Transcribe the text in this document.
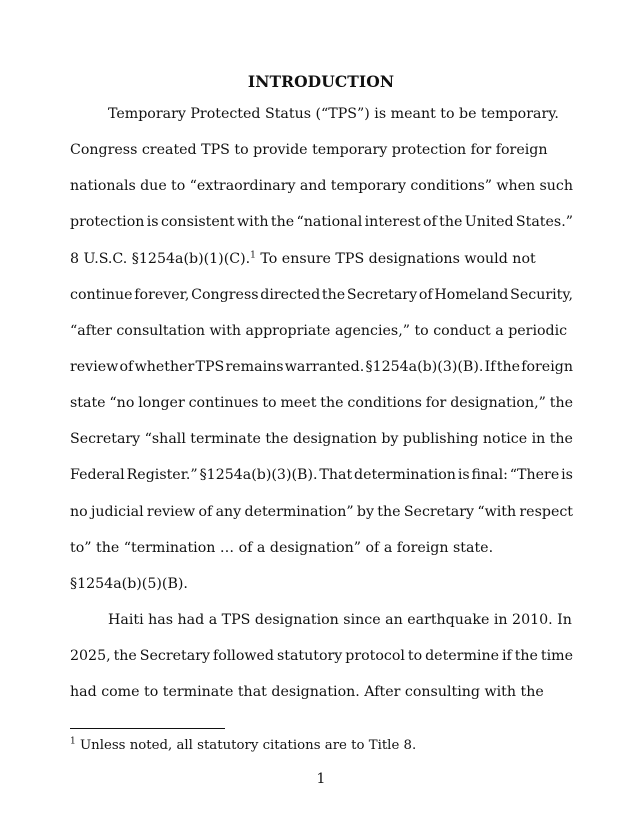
INTRODUCTION
Temporary Protected Status (“TPS”) is meant to be temporary.
Congress created TPS to provide temporary protection for foreign
nationals due to “extraordinary and temporary conditions” when such
protection is consistent with the “national interest of the United States.”
8 U.S.C. §1254a(b)(1)(C).$^1$ To ensure TPS designations would not
continue forever, Congress directed the Secretary of Homeland Security,
“after consultation with appropriate agencies,” to conduct a periodic
review of whether TPS remains warranted. §1254a(b)(3)(B). If the foreign
state “no longer continues to meet the conditions for designation,” the
Secretary “shall terminate the designation by publishing notice in the
Federal Register.” §1254a(b)(3)(B). That determination is final: “There is
no judicial review of any determination” by the Secretary “with respect
to” the “termination … of a designation” of a foreign state.
§1254a(b)(5)(B).
Haiti has had a TPS designation since an earthquake in 2010. In
2025, the Secretary followed statutory protocol to determine if the time
had come to terminate that designation. After consulting with the
$^1$ Unless noted, all statutory citations are to Title 8.
1
